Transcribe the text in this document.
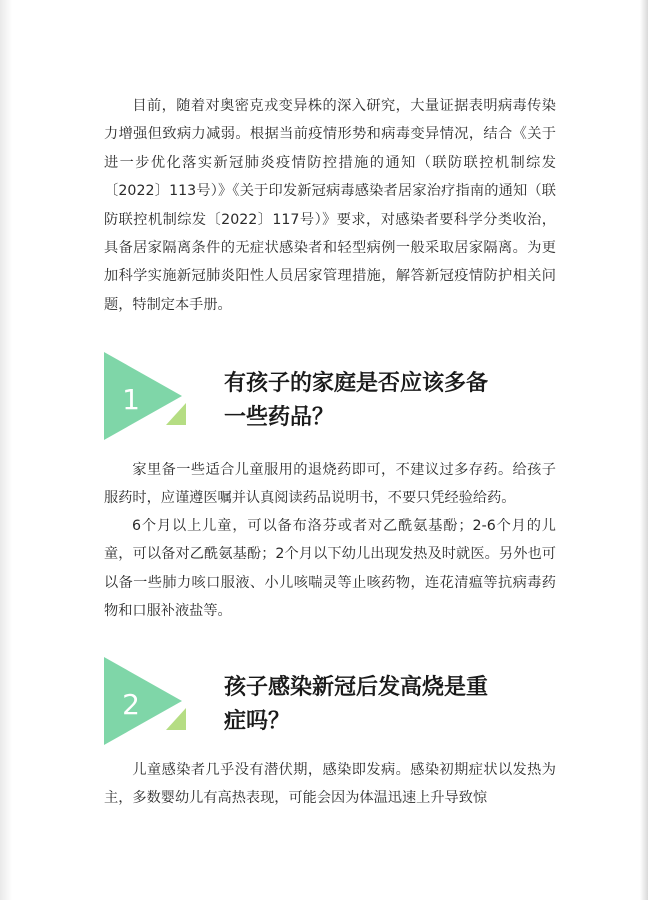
目前，随着对奥密克戎变异株的深入研究，大量证据表明病毒传染力增强但致病力减弱。根据当前疫情形势和病毒变异情况，结合《关于进一步优化落实新冠肺炎疫情防控措施的通知（联防联控机制综发〔2022〕113号）》《关于印发新冠病毒感染者居家治疗指南的通知（联防联控机制综发〔2022〕117号）》要求，对感染者要科学分类收治，具备居家隔离条件的无症状感染者和轻型病例一般采取居家隔离。为更加科学实施新冠肺炎阳性人员居家管理措施，解答新冠疫情防护相关问题，特制定本手册。

1	有孩子的家庭是否应该多备
一些药品？

家里备一些适合儿童服用的退烧药即可，不建议过多存药。给孩子服药时，应谨遵医嘱并认真阅读药品说明书，不要只凭经验给药。

6个月以上儿童，可以备布洛芬或者对乙酰氨基酚；2-6个月的儿童，可以备对乙酰氨基酚；2个月以下幼儿出现发热及时就医。另外也可以备一些肺力咳口服液、小儿咳喘灵等止咳药物，连花清瘟等抗病毒药物和口服补液盐等。

2
孩子感染新冠后发高烧是重
症吗？

儿童感染者几乎没有潜伏期，感染即发病。感染初期症状以发热为主，多数婴幼儿有高热表现，可能会因为体温迅速上升导致惊
